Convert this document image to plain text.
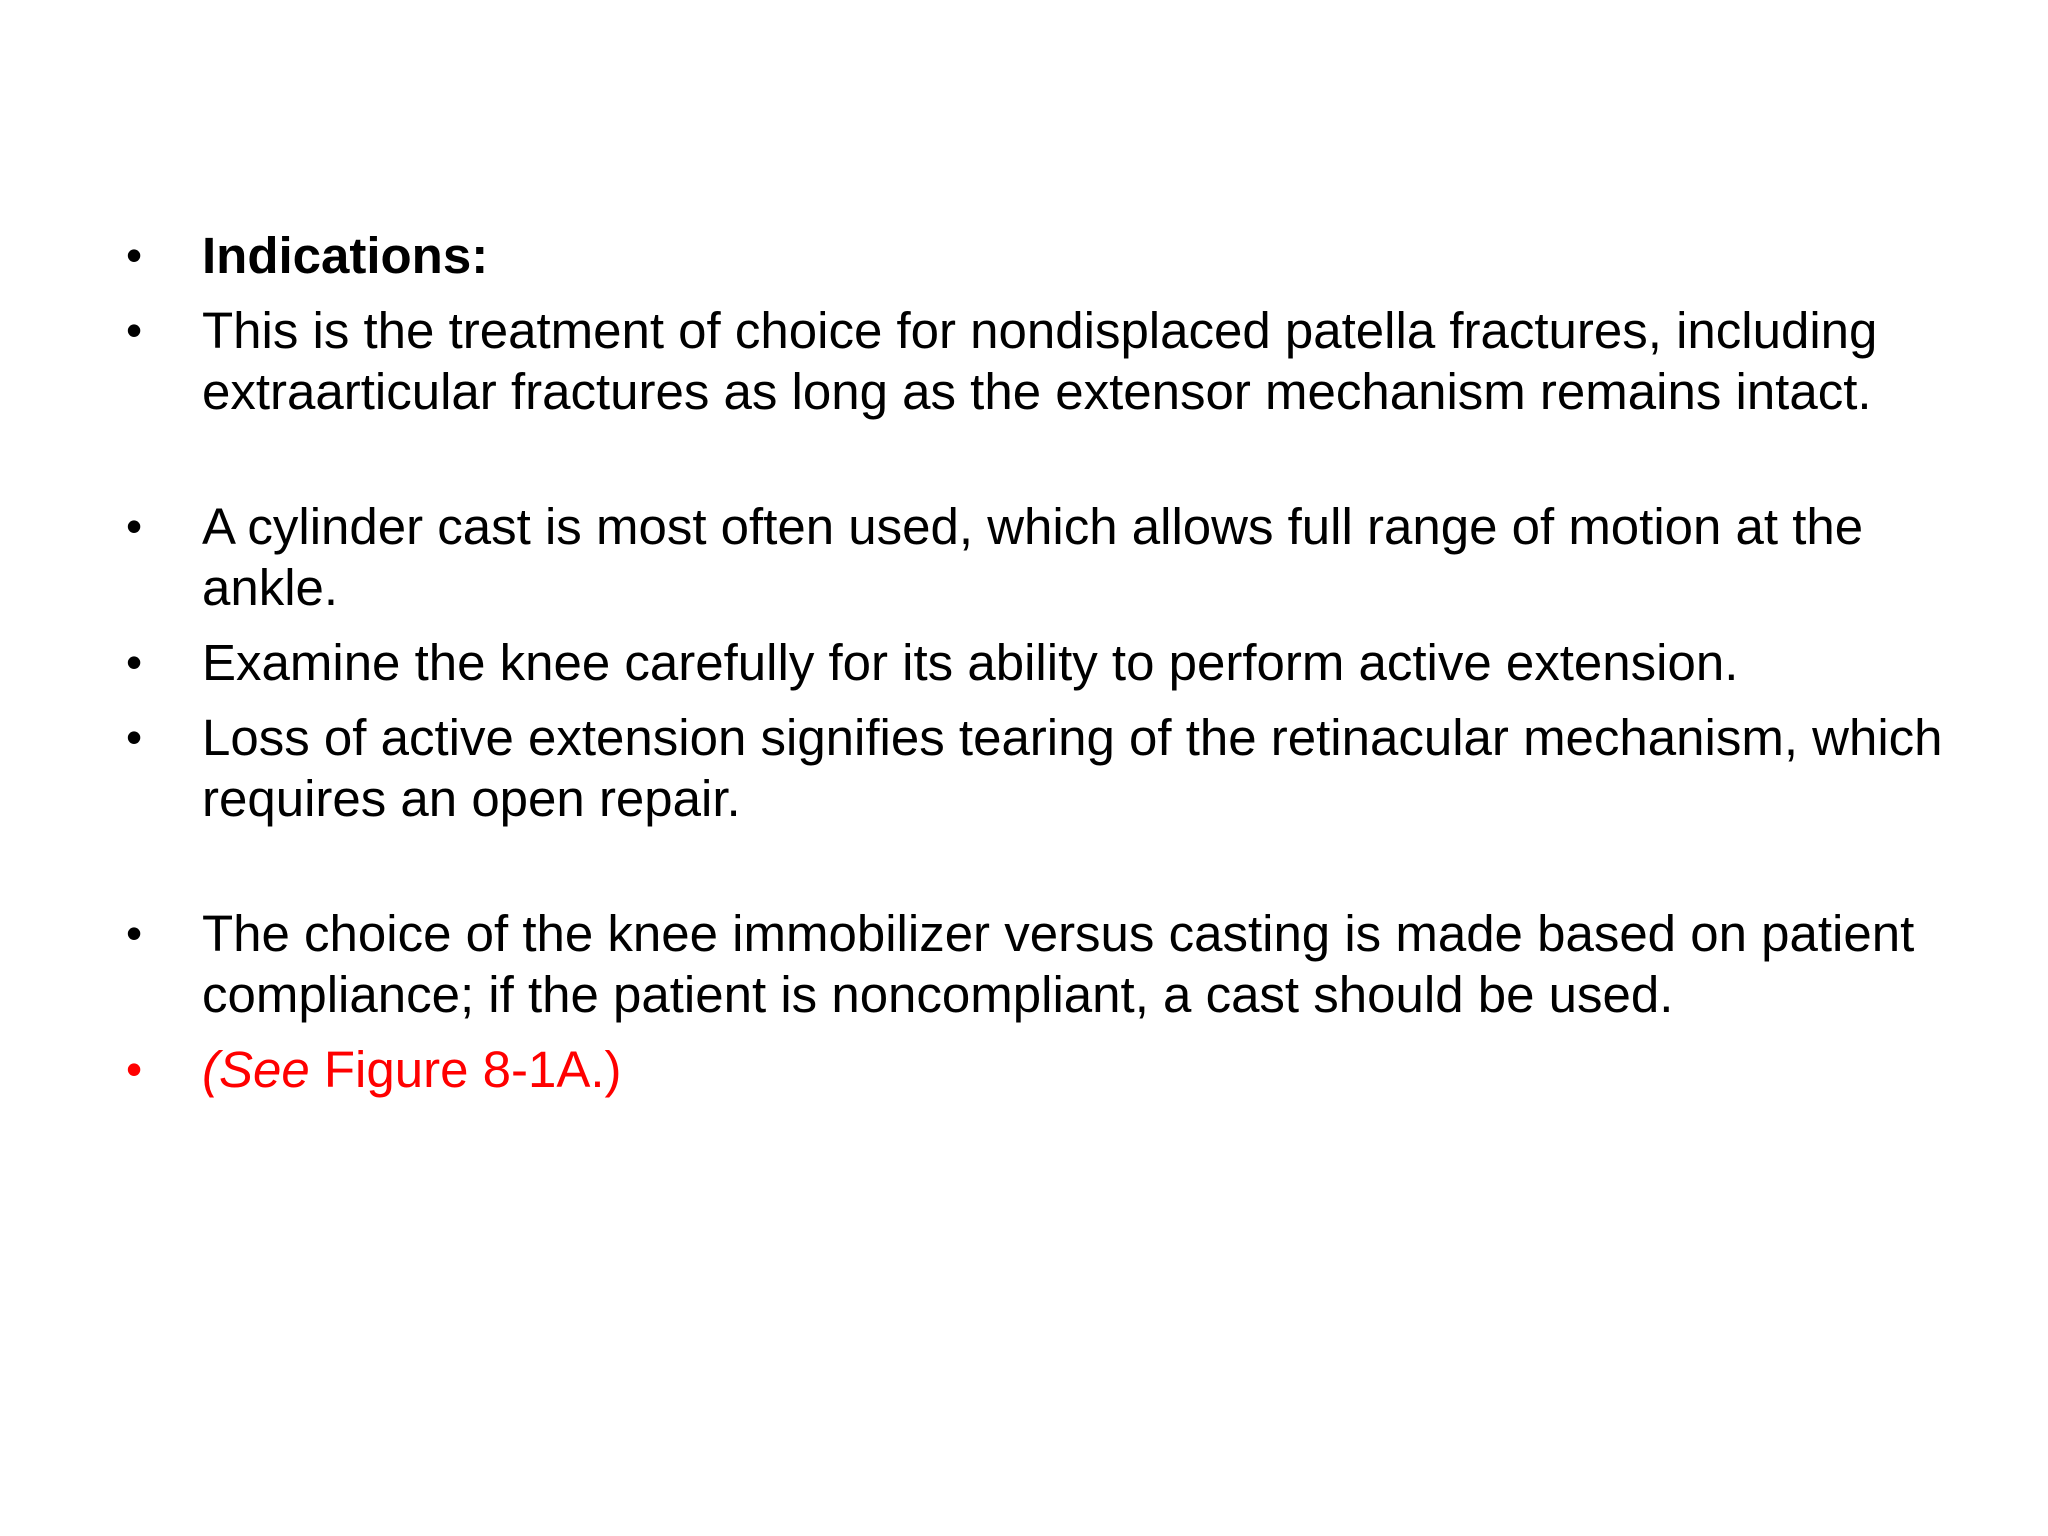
•	Indications:
•	This is the treatment of choice for nondisplaced patella fractures, including extraarticular fractures as long as the extensor mechanism remains intact.
•	A cylinder cast is most often used, which allows full range of motion at the ankle.
•	Examine the knee carefully for its ability to perform active extension.
•	Loss of active extension signifies tearing of the retinacular mechanism, which requires an open repair.
•	The choice of the knee immobilizer versus casting is made based on patient compliance; if the patient is noncompliant, a cast should be used.
•	(See Figure 8-1A.)
